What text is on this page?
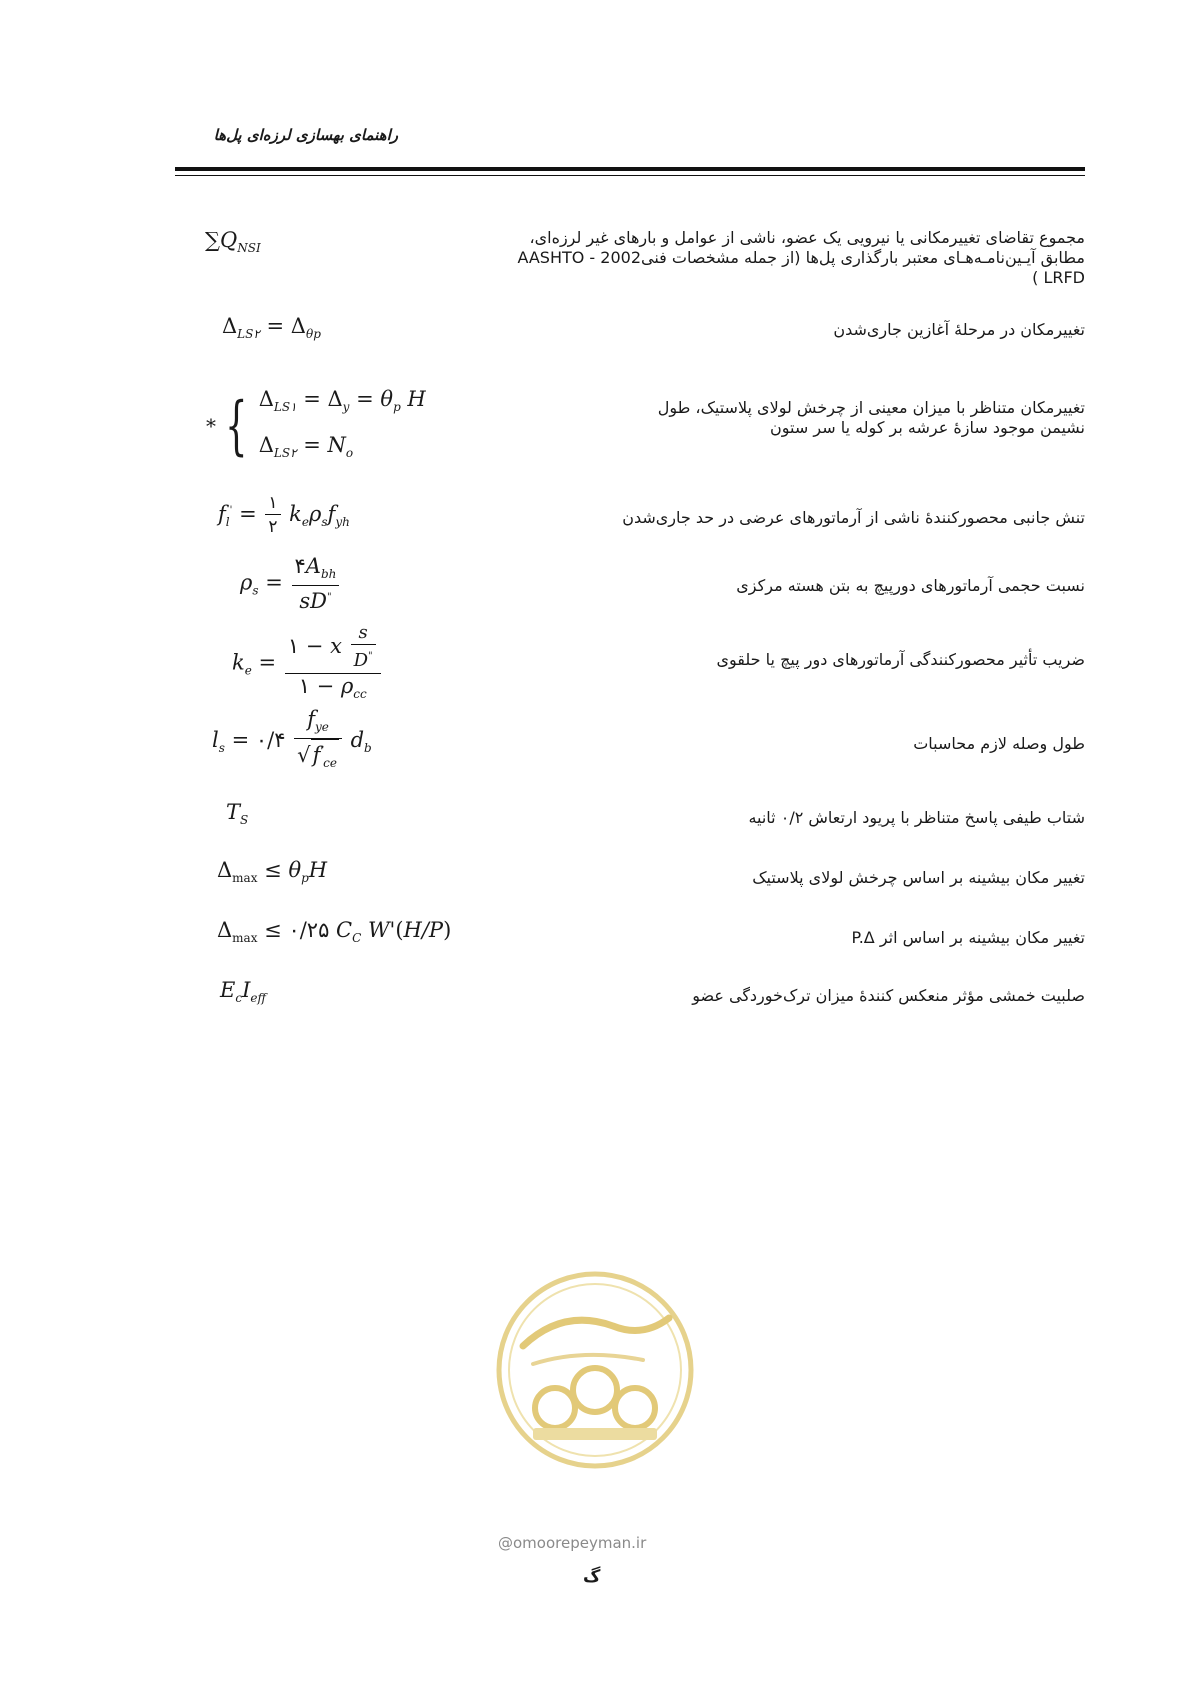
راهنمای بهسازی لرزه‌ای پل‌ها
مجموع تقاضای تغییرمکانی یا نیرویی یک عضو، ناشی از عوامل و بارهای غیر لرزه‌ای، مطابق آیـین‌نامـه‌هـای معتبر بارگذاری پل‌ها (از جمله مشخصات فنی2002 - AASHTO LRFD )
$\sum Q_{NSI}$
تغییرمکان در مرحلهٔ آغازین جاری‌شدن
$\Delta_{LS۲} = \Delta_{\theta p}$
تغییرمکان متناظر با میزان معینی از چرخش لولای پلاستیک، طول نشیمن موجود سازهٔ عرشه بر کوله یا سر ستون
* { $\Delta_{LS۱} = \Delta_y = \theta_p$ H
$\Delta_{LS۲} = N_o$
تنش جانبی محصورکنندهٔ ناشی از آرماتورهای عرضی در حد جاری‌شدن
$f_l' = \frac{۱}{۲} k_e\rho_sf_{yh}$
نسبت حجمی آرماتورهای دورپیچ به بتن هسته مرکزی
$\rho_s = \frac{۴A_{bh}}{sD^"}$
ضریب تأثیر محصورکنندگی آرماتورهای دور پیچ یا حلقوی
$k_e = \frac{۱ - x \frac{s}{D^"}}{۱ - \rho_{cc}}$
طول وصله لازم محاسبات
$l_s$ = ۰/۴ $\frac{f_{ye}}{√f'_{ce}} d_b$
شتاب طیفی پاسخ متناظر با پریود ارتعاش ۰/۲ ثانیه
$T_S$
تغییر مکان بیشینه بر اساس چرخش لولای پلاستیک
$\Delta_{max} \le \theta_pH$
تغییر مکان بیشینه بر اساس اثر P.Δ
$\Delta_{max}$ ≤ ۰/۲۵ $C_C$ W'(H/P)
صلبیت خمشی مؤثر منعکس کنندهٔ میزان ترک‌خوردگی عضو
$E_cI_{eff}$
@omoorepeyman.ir
گ
